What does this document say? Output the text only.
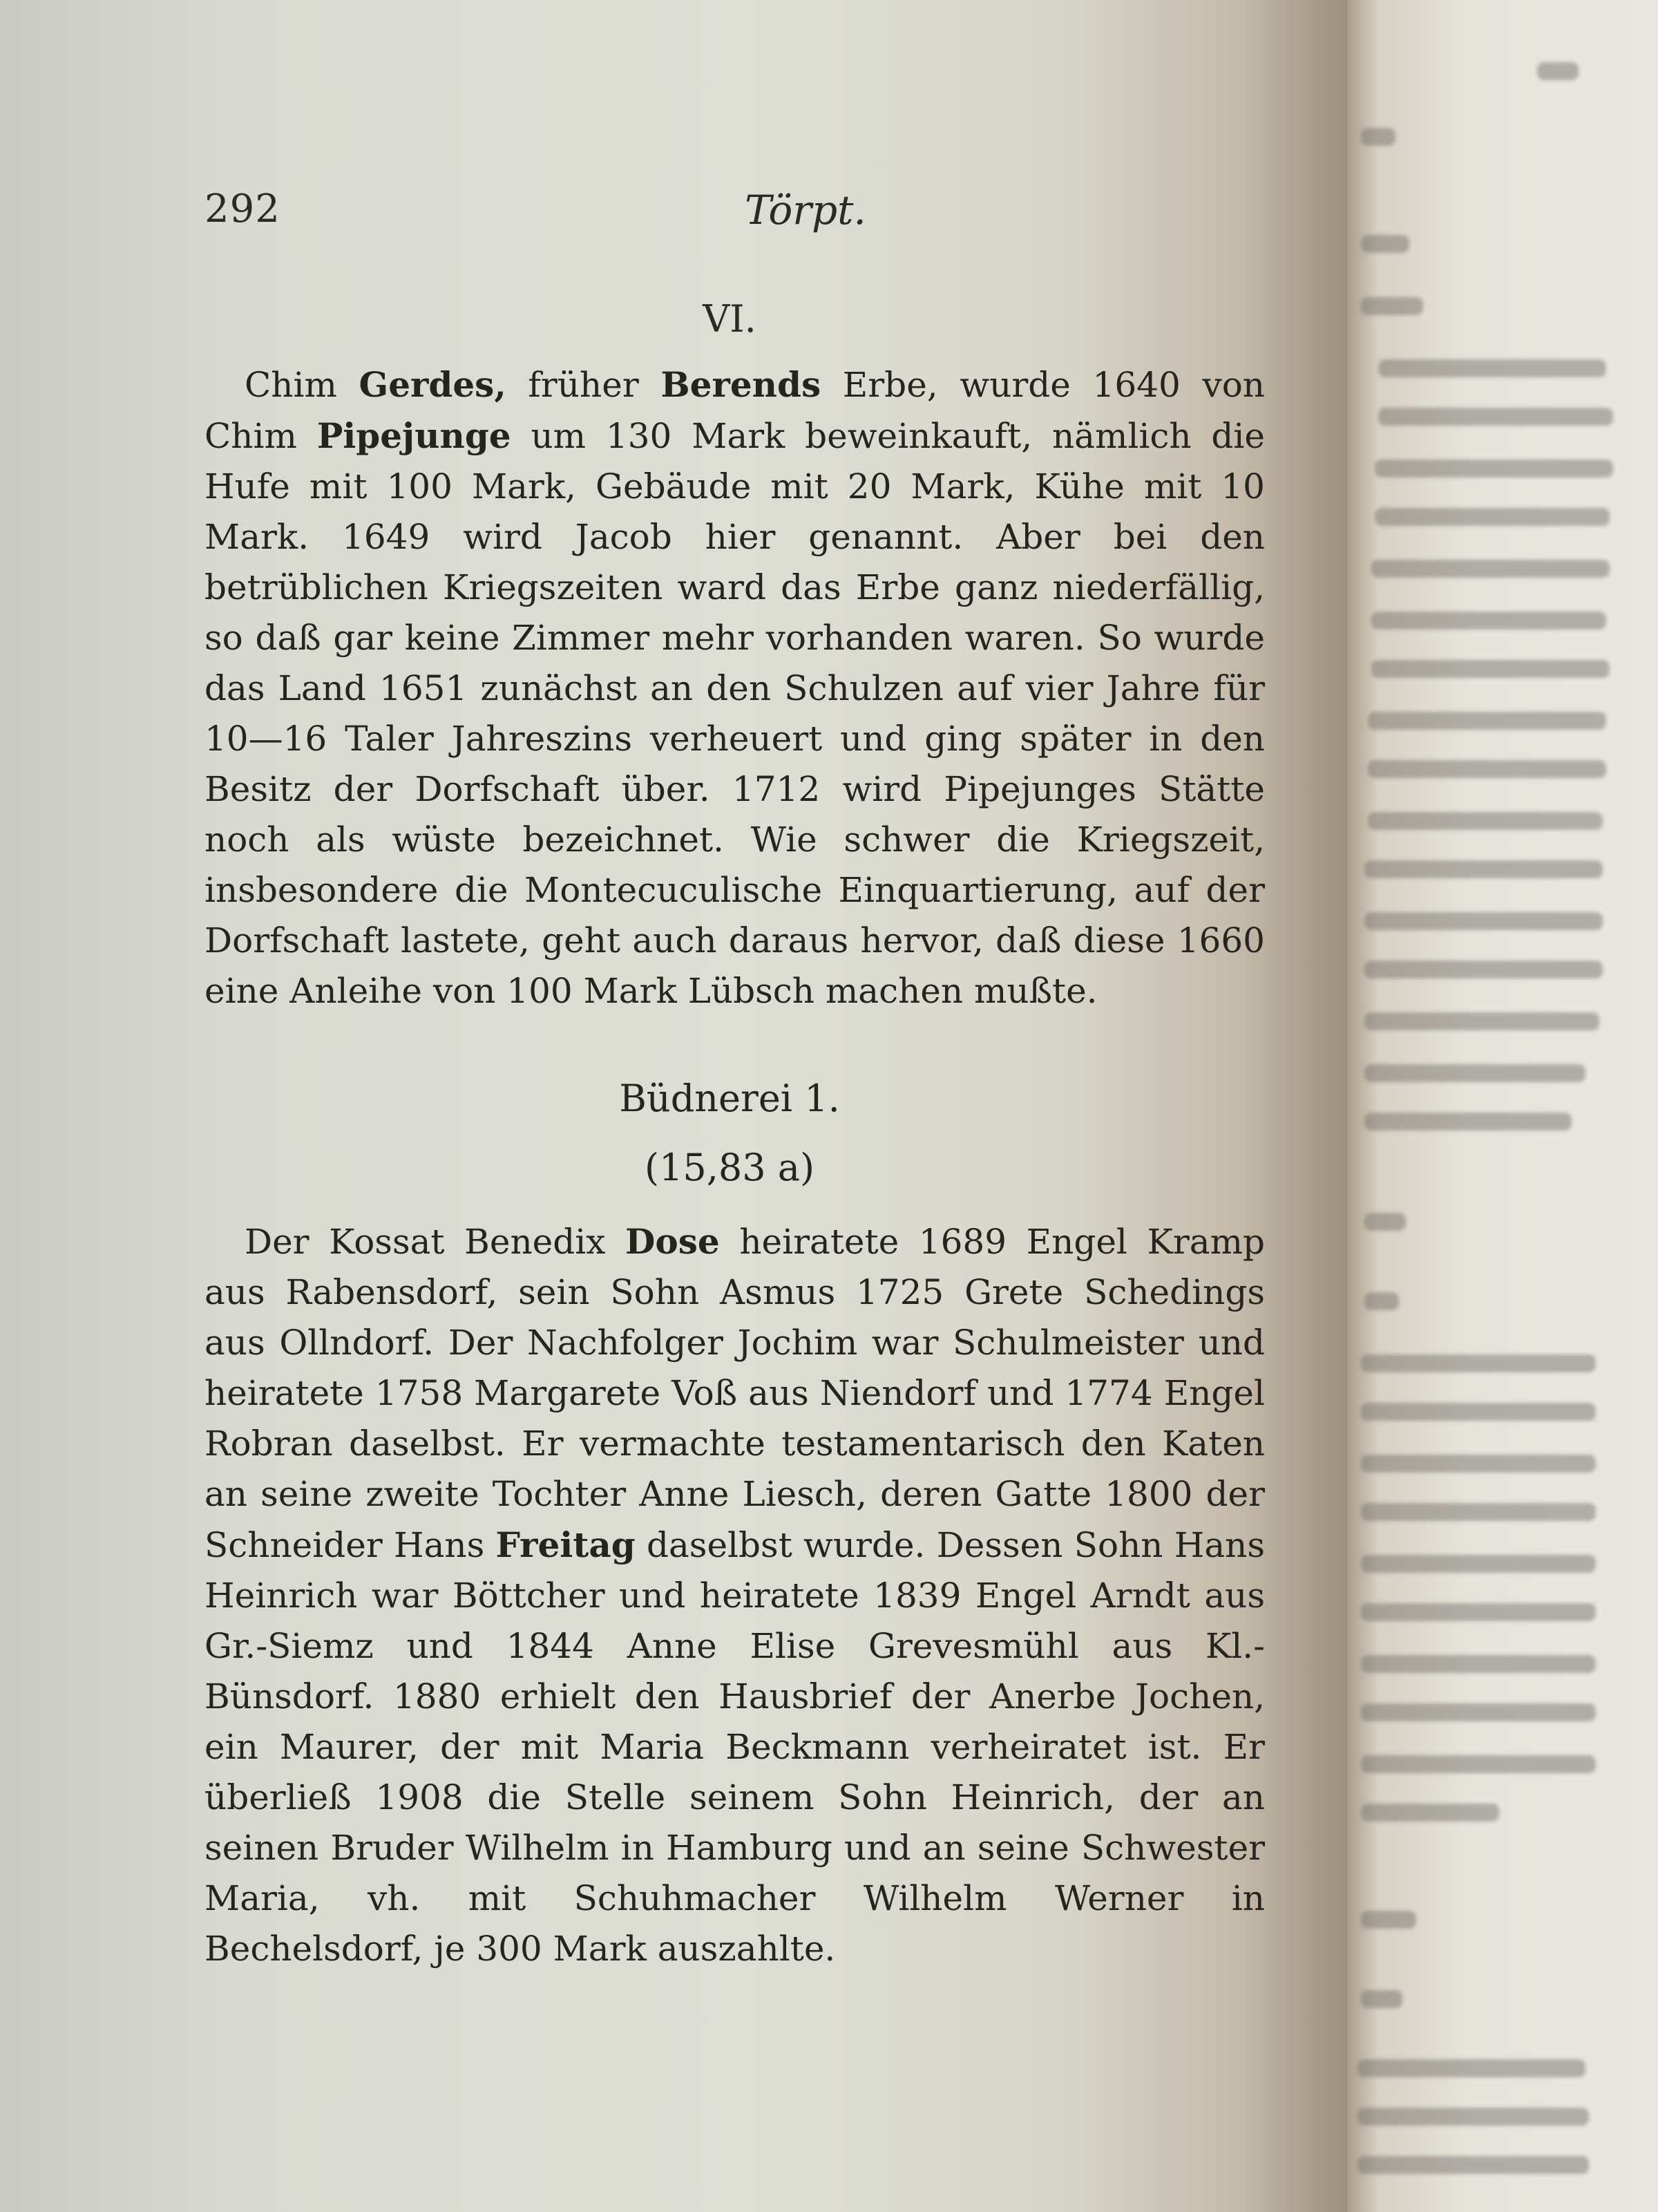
292	Törpt.
VI.

Chim Gerdes, früher Berends Erbe, wurde 1640 von Chim Pipejunge um 130 Mark beweinkauft, nämlich die Hufe mit 100 Mark, Gebäude mit 20 Mark, Kühe mit 10 Mark. 1649 wird Jacob hier genannt. Aber bei den betrüblichen Kriegszeiten ward das Erbe ganz niederfällig, so daß gar keine Zimmer mehr vorhanden waren. So wurde das Land 1651 zunächst an den Schulzen auf vier Jahre für 10—16 Taler Jahreszins verheuert und ging später in den Besitz der Dorfschaft über. 1712 wird Pipejunges Stätte noch als wüste bezeichnet. Wie schwer die Kriegszeit, insbesondere die Montecuculische Einquartierung, auf der Dorfschaft lastete, geht auch daraus hervor, daß diese 1660 eine Anleihe von 100 Mark Lübsch machen mußte.

Büdnerei 1.
(15,83 a)

Der Kossat Benedix Dose heiratete 1689 Engel Kramp aus Rabensdorf, sein Sohn Asmus 1725 Grete Schedings aus Ollndorf. Der Nachfolger Jochim war Schulmeister und heiratete 1758 Margarete Voß aus Niendorf und 1774 Engel Robran daselbst. Er vermachte testamentarisch den Katen an seine zweite Tochter Anne Liesch, deren Gatte 1800 der Schneider Hans Freitag daselbst wurde. Dessen Sohn Hans Heinrich war Böttcher und heiratete 1839 Engel Arndt aus Gr.-Siemz und 1844 Anne Elise Grevesmühl aus Kl.-Bünsdorf. 1880 erhielt den Hausbrief der Anerbe Jochen, ein Maurer, der mit Maria Beckmann verheiratet ist. Er überließ 1908 die Stelle seinem Sohn Heinrich, der an seinen Bruder Wilhelm in Hamburg und an seine Schwester Maria, vh. mit Schuhmacher Wilhelm Werner in Bechelsdorf, je 300 Mark auszahlte.
